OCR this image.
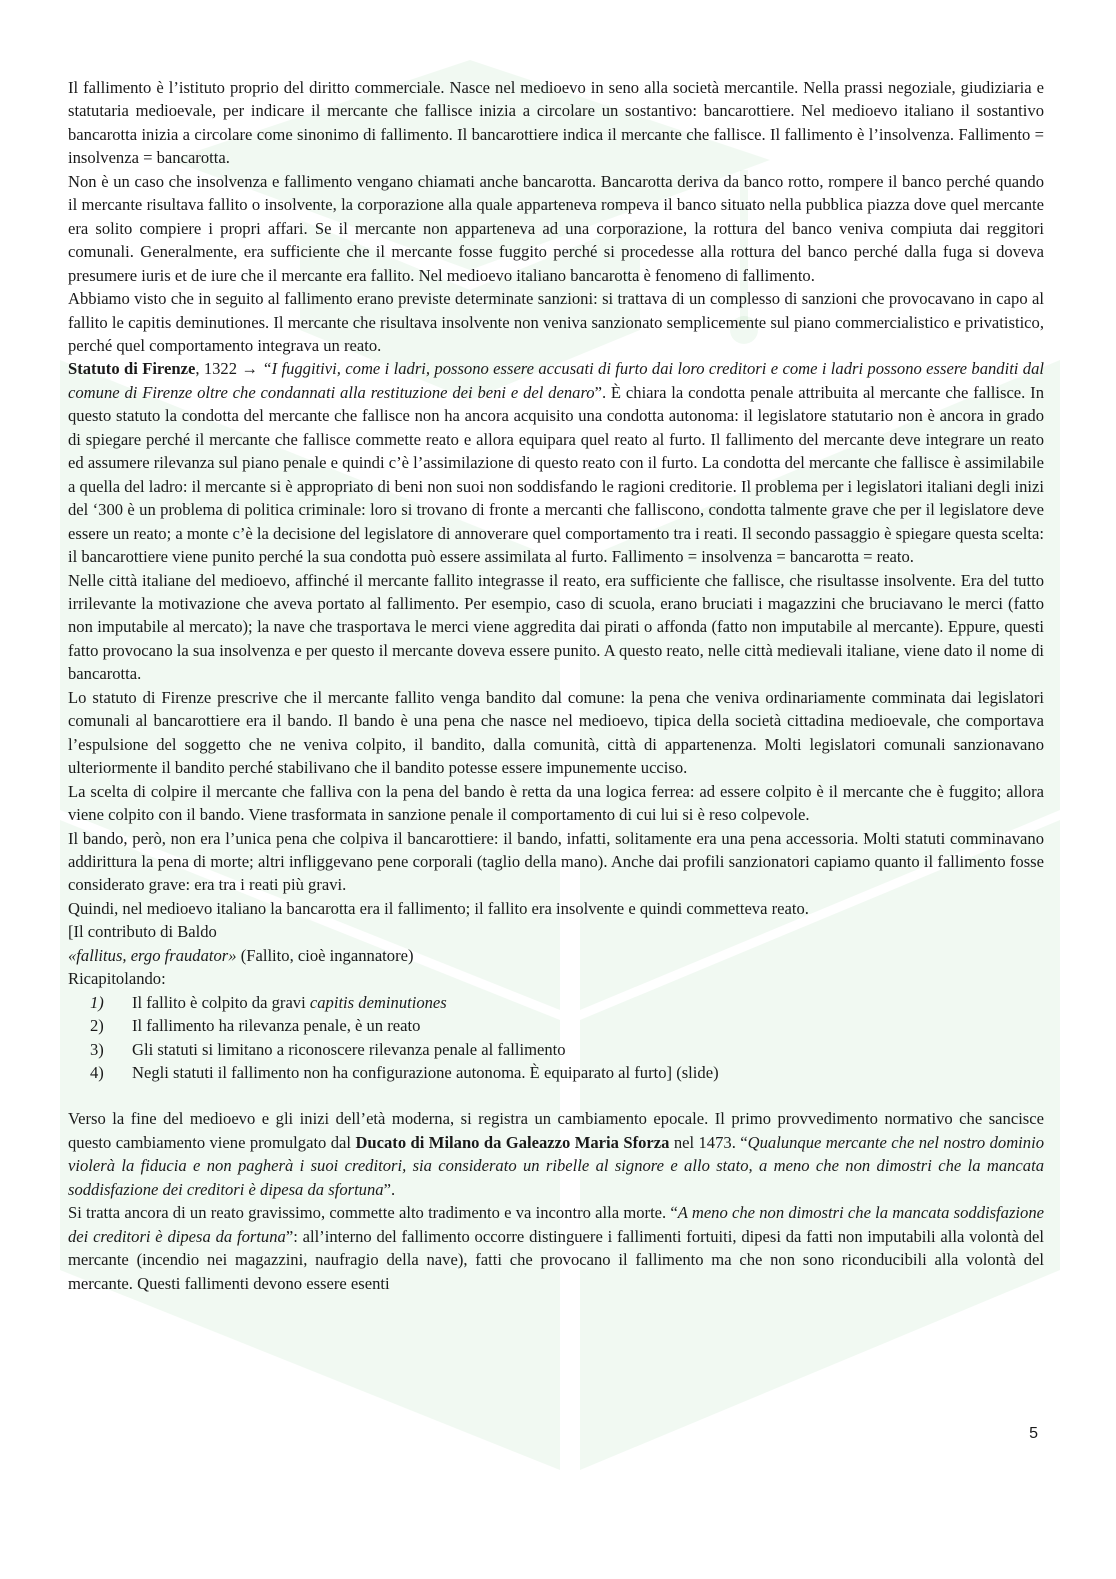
Il fallimento è l’istituto proprio del diritto commerciale. Nasce nel medioevo in seno alla società mercantile. Nella prassi negoziale, giudiziaria e statutaria medioevale, per indicare il mercante che fallisce inizia a circolare un sostantivo: bancarottiere. Nel medioevo italiano il sostantivo bancarotta inizia a circolare come sinonimo di fallimento. Il bancarottiere indica il mercante che fallisce. Il fallimento è l’insolvenza. Fallimento = insolvenza = bancarotta.

Non è un caso che insolvenza e fallimento vengano chiamati anche bancarotta. Bancarotta deriva da banco rotto, rompere il banco perché quando il mercante risultava fallito o insolvente, la corporazione alla quale apparteneva rompeva il banco situato nella pubblica piazza dove quel mercante era solito compiere i propri affari. Se il mercante non apparteneva ad una corporazione, la rottura del banco veniva compiuta dai reggitori comunali. Generalmente, era sufficiente che il mercante fosse fuggito perché si procedesse alla rottura del banco perché dalla fuga si doveva presumere iuris et de iure che il mercante era fallito. Nel medioevo italiano bancarotta è fenomeno di fallimento.

Abbiamo visto che in seguito al fallimento erano previste determinate sanzioni: si trattava di un complesso di sanzioni che provocavano in capo al fallito le capitis deminutiones. Il mercante che risultava insolvente non veniva sanzionato semplicemente sul piano commercialistico e privatistico, perché quel comportamento integrava un reato.

Statuto di Firenze, 1322 → “I fuggitivi, come i ladri, possono essere accusati di furto dai loro creditori e come i ladri possono essere banditi dal comune di Firenze oltre che condannati alla restituzione dei beni e del denaro”. È chiara la condotta penale attribuita al mercante che fallisce. In questo statuto la condotta del mercante che fallisce non ha ancora acquisito una condotta autonoma: il legislatore statutario non è ancora in grado di spiegare perché il mercante che fallisce commette reato e allora equipara quel reato al furto. Il fallimento del mercante deve integrare un reato ed assumere rilevanza sul piano penale e quindi c’è l’assimilazione di questo reato con il furto. La condotta del mercante che fallisce è assimilabile a quella del ladro: il mercante si è appropriato di beni non suoi non soddisfando le ragioni creditorie. Il problema per i legislatori italiani degli inizi del ‘300 è un problema di politica criminale: loro si trovano di fronte a mercanti che falliscono, condotta talmente grave che per il legislatore deve essere un reato; a monte c’è la decisione del legislatore di annoverare quel comportamento tra i reati. Il secondo passaggio è spiegare questa scelta: il bancarottiere viene punito perché la sua condotta può essere assimilata al furto. Fallimento = insolvenza = bancarotta = reato.

Nelle città italiane del medioevo, affinché il mercante fallito integrasse il reato, era sufficiente che fallisce, che risultasse insolvente. Era del tutto irrilevante la motivazione che aveva portato al fallimento. Per esempio, caso di scuola, erano bruciati i magazzini che bruciavano le merci (fatto non imputabile al mercato); la nave che trasportava le merci viene aggredita dai pirati o affonda (fatto non imputabile al mercante). Eppure, questi fatto provocano la sua insolvenza e per questo il mercante doveva essere punito. A questo reato, nelle città medievali italiane, viene dato il nome di bancarotta.

Lo statuto di Firenze prescrive che il mercante fallito venga bandito dal comune: la pena che veniva ordinariamente comminata dai legislatori comunali al bancarottiere era il bando. Il bando è una pena che nasce nel medioevo, tipica della società cittadina medioevale, che comportava l’espulsione del soggetto che ne veniva colpito, il bandito, dalla comunità, città di appartenenza. Molti legislatori comunali sanzionavano ulteriormente il bandito perché stabilivano che il bandito potesse essere impunemente ucciso.

La scelta di colpire il mercante che falliva con la pena del bando è retta da una logica ferrea: ad essere colpito è il mercante che è fuggito; allora viene colpito con il bando. Viene trasformata in sanzione penale il comportamento di cui lui si è reso colpevole.

Il bando, però, non era l’unica pena che colpiva il bancarottiere: il bando, infatti, solitamente era una pena accessoria. Molti statuti comminavano addirittura la pena di morte; altri infliggevano pene corporali (taglio della mano). Anche dai profili sanzionatori capiamo quanto il fallimento fosse considerato grave: era tra i reati più gravi.

Quindi, nel medioevo italiano la bancarotta era il fallimento; il fallito era insolvente e quindi commetteva reato.

[Il contributo di Baldo

«fallitus, ergo fraudator» (Fallito, cioè ingannatore)

Ricapitolando:

1)	Il fallito è colpito da gravi capitis deminutiones
2)	Il fallimento ha rilevanza penale, è un reato
3)	Gli statuti si limitano a riconoscere rilevanza penale al fallimento
4)	Negli statuti il fallimento non ha configurazione autonoma. È equiparato al furto] (slide)

Verso la fine del medioevo e gli inizi dell’età moderna, si registra un cambiamento epocale. Il primo provvedimento normativo che sancisce questo cambiamento viene promulgato dal Ducato di Milano da Galeazzo Maria Sforza nel 1473. “Qualunque mercante che nel nostro dominio violerà la fiducia e non pagherà i suoi creditori, sia considerato un ribelle al signore e allo stato, a meno che non dimostri che la mancata soddisfazione dei creditori è dipesa da sfortuna”.

Si tratta ancora di un reato gravissimo, commette alto tradimento e va incontro alla morte. “A meno che non dimostri che la mancata soddisfazione dei creditori è dipesa da fortuna”: all’interno del fallimento occorre distinguere i fallimenti fortuiti, dipesi da fatti non imputabili alla volontà del mercante (incendio nei magazzini, naufragio della nave), fatti che provocano il fallimento ma che non sono riconducibili alla volontà del mercante. Questi fallimenti devono essere esenti

5
